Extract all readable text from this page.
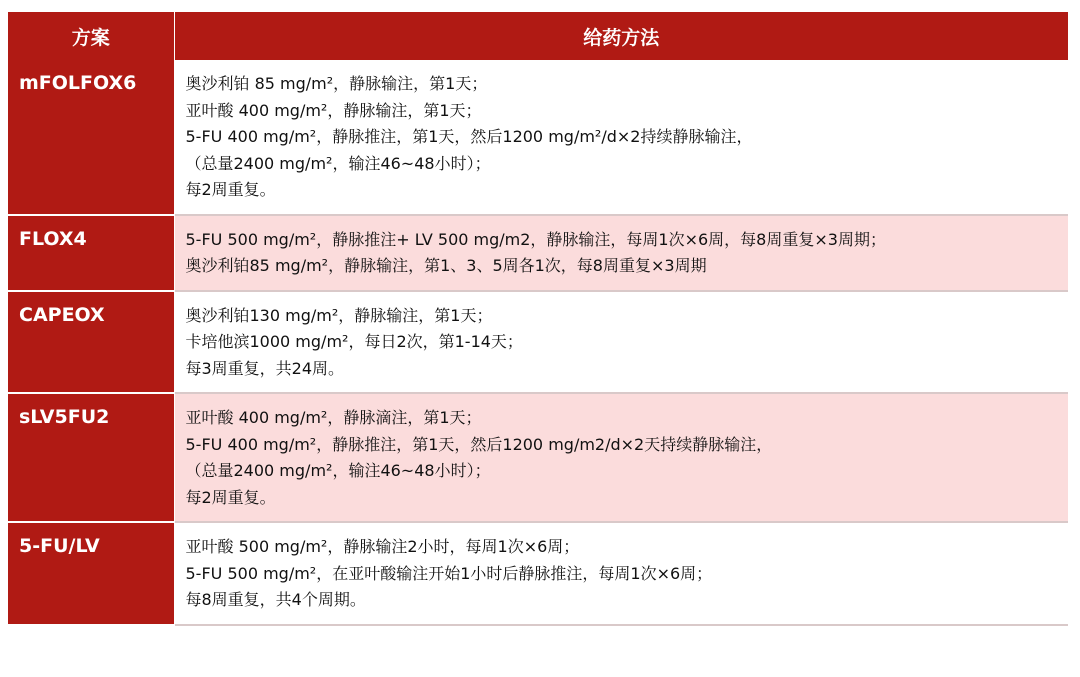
方案	给药方法
mFOLFOX6	奥沙利铂 85 mg/m²，静脉输注，第1天；
亚叶酸 400 mg/m²，静脉输注，第1天；
5-FU 400 mg/m²，静脉推注，第1天，然后1200 mg/m²/d×2持续静脉输注，
（总量2400 mg/m²，输注46~48小时）；
每2周重复。

FLOX4	5-FU 500 mg/m²，静脉推注+ LV 500 mg/m2，静脉输注，每周1次×6周，每8周重复×3周期；
奥沙利铂85 mg/m²，静脉输注，第1、3、5周各1次，每8周重复×3周期

CAPEOX	奥沙利铂130 mg/m²，静脉输注，第1天；
卡培他滨1000 mg/m²，每日2次，第1-14天；
每3周重复，共24周。

sLV5FU2	亚叶酸 400 mg/m²，静脉滴注，第1天；
5-FU 400 mg/m²，静脉推注，第1天，然后1200 mg/m2/d×2天持续静脉输注，
（总量2400 mg/m²，输注46~48小时）；
每2周重复。

5-FU/LV	亚叶酸 500 mg/m²，静脉输注2小时，每周1次×6周；
5-FU 500 mg/m²，在亚叶酸输注开始1小时后静脉推注，每周1次×6周；
每8周重复，共4个周期。
